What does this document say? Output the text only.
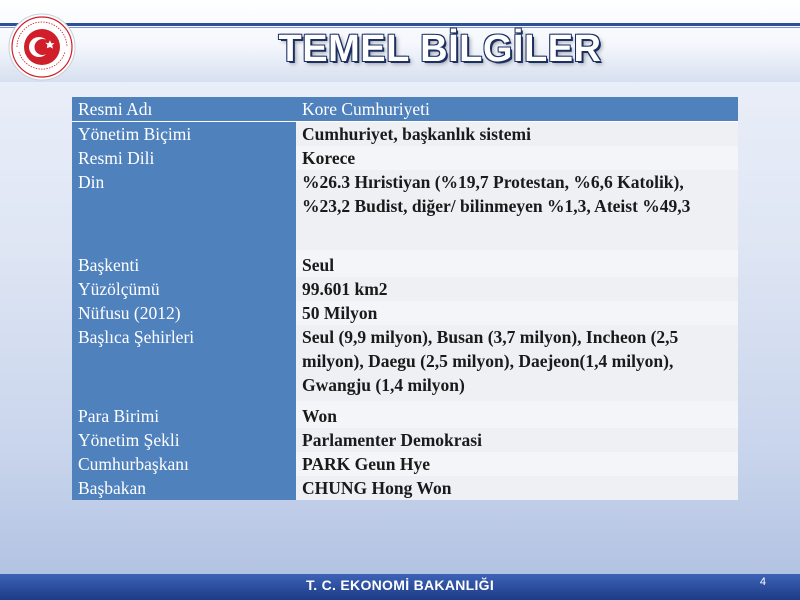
TEMEL BİLGİLER
Resmi Adı	Kore Cumhuriyeti
Yönetim Biçimi	Cumhuriyet, başkanlık sistemi
Resmi Dili	Korece
Din	%26.3 Hıristiyan (%19,7 Protestan, %6,6 Katolik), %23,2 Budist, diğer/ bilinmeyen %1,3, Ateist %49,3
Başkenti	Seul
Yüzölçümü	99.601 km2
Nüfusu (2012)	50 Milyon
Başlıca Şehirleri	Seul (9,9 milyon), Busan (3,7 milyon), Incheon (2,5 milyon), Daegu (2,5 milyon), Daejeon(1,4 milyon), Gwangju (1,4 milyon)
Para Birimi	Won
Yönetim Şekli	Parlamenter Demokrasi
Cumhurbaşkanı	PARK Geun Hye
Başbakan	CHUNG Hong Won
T. C. EKONOMİ BAKANLIĞI	4
